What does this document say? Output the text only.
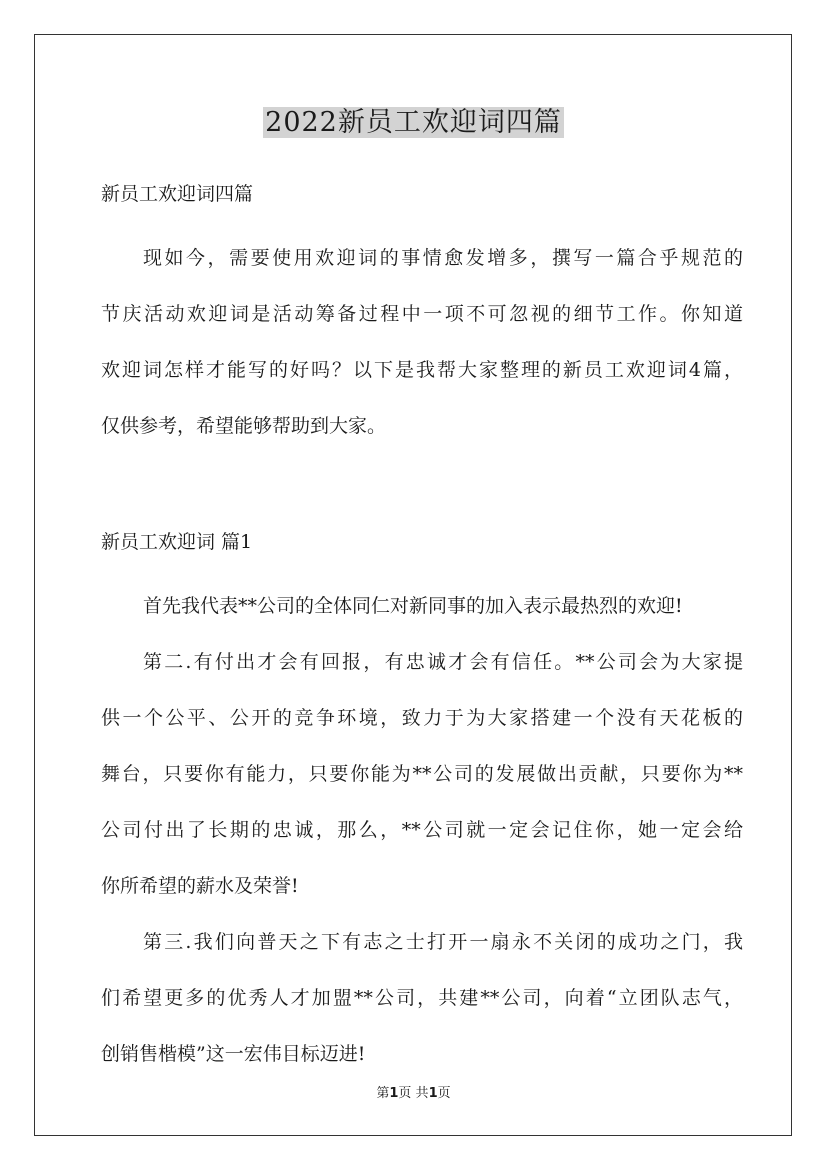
2022新员工欢迎词四篇
新员工欢迎词四篇
现如今，需要使用欢迎词的事情愈发增多，撰写一篇合乎规范的
节庆活动欢迎词是活动筹备过程中一项不可忽视的细节工作。你知道
欢迎词怎样才能写的好吗？以下是我帮大家整理的新员工欢迎词4篇，
仅供参考，希望能够帮助到大家。
新员工欢迎词 篇1
首先我代表**公司的全体同仁对新同事的加入表示最热烈的欢迎!
第二.有付出才会有回报，有忠诚才会有信任。**公司会为大家提
供一个公平、公开的竞争环境，致力于为大家搭建一个没有天花板的
舞台，只要你有能力，只要你能为**公司的发展做出贡献，只要你为**
公司付出了长期的忠诚，那么，**公司就一定会记住你，她一定会给
你所希望的薪水及荣誉!
第三.我们向普天之下有志之士打开一扇永不关闭的成功之门，我
们希望更多的优秀人才加盟**公司，共建**公司，向着“立团队志气，
创销售楷模”这一宏伟目标迈进!
第1页 共1页
